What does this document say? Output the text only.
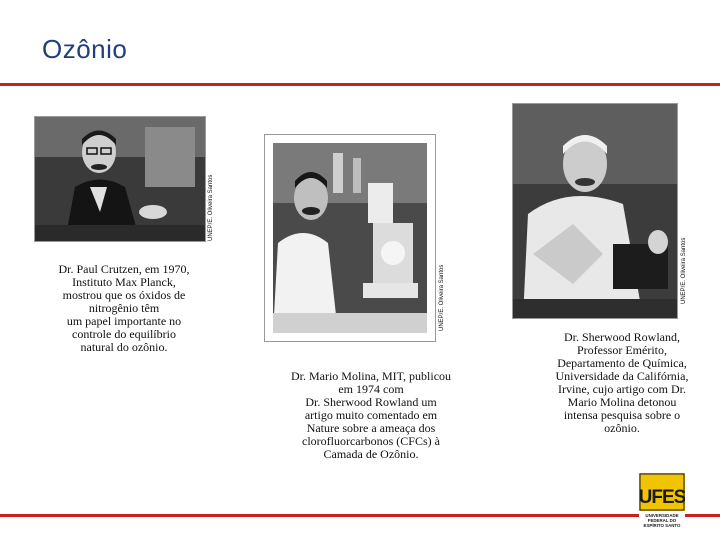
Ozônio
UNEP/E. Oliveira Santos
UNEP/E. Oliveira Santos	UNEP/E. Oliveira Santos
Dr. Paul Crutzen, em 1970,
Instituto Max Planck,
mostrou que os óxidos de
nitrogênio têm
um papel importante no
controle do equilíbrio
natural do ozônio.
Dr. Mario Molina, MIT, publicou
em 1974 com
Dr. Sherwood Rowland um
artigo muito comentado em
Nature sobre a ameaça dos
clorofluorcarbonos (CFCs) à
Camada de Ozônio.
Dr. Sherwood Rowland,
Professor Emérito,
Departamento de Química,
Universidade da Califórnia,
Irvine, cujo artigo com Dr.
Mario Molina detonou
intensa pesquisa sobre o
ozônio.
UFES
UNIVERSIDADE
FEDERAL DO
ESPÍRITO SANTO
